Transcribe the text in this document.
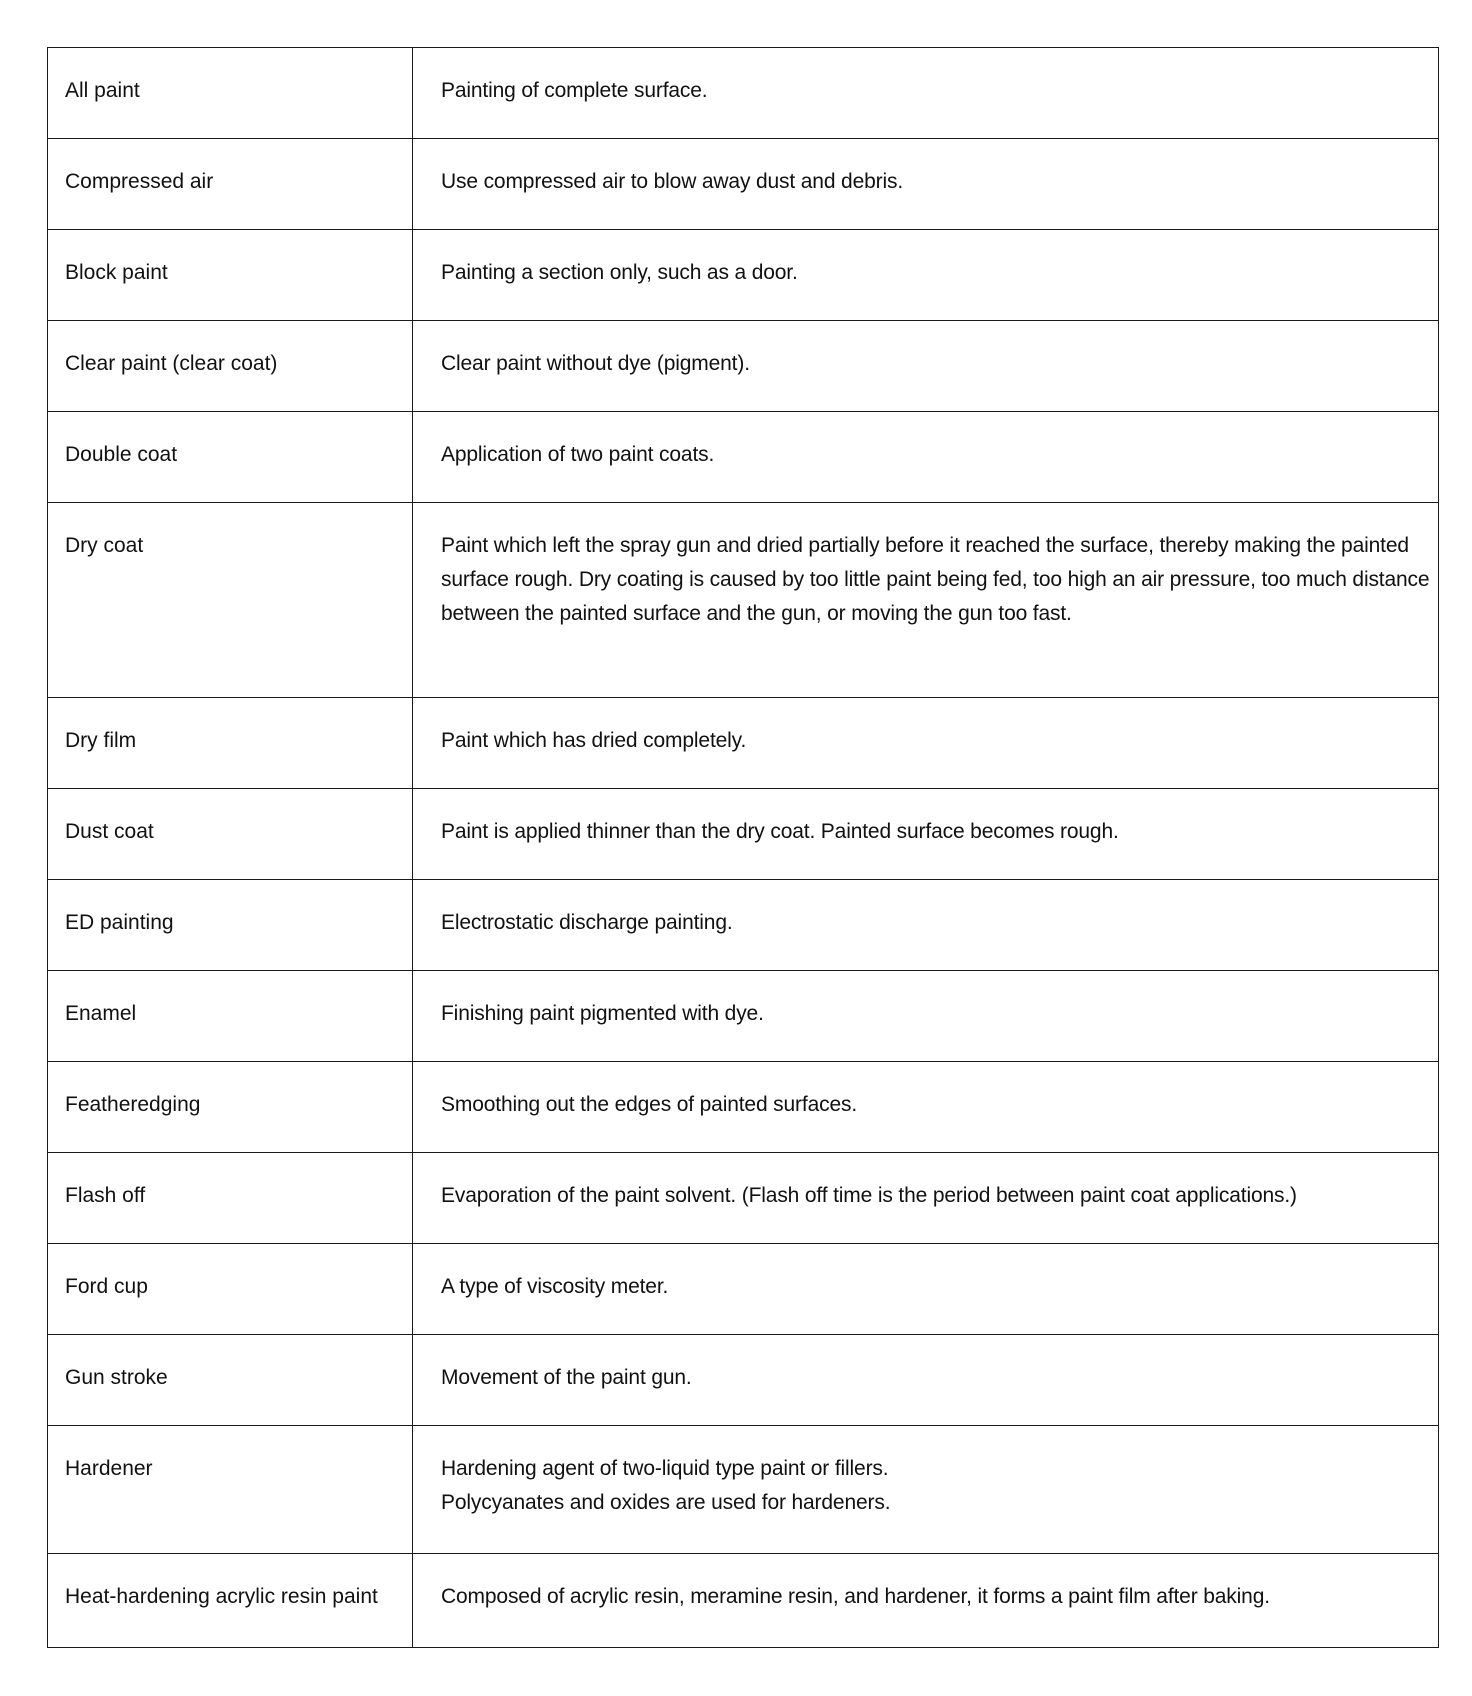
All paint	Painting of complete surface.

Compressed air	Use compressed air to blow away dust and debris.

Block paint	Painting a section only, such as a door.

Clear paint (clear coat)	Clear paint without dye (pigment).

Double coat	Application of two paint coats.

Dry coat	Paint which left the spray gun and dried partially before it reached the surface, thereby making the painted surface rough. Dry coating is caused by too little paint being fed, too high an air pressure, too much distance between the painted surface and the gun, or moving the gun too fast.

Dry film	Paint which has dried completely.

Dust coat	Paint is applied thinner than the dry coat. Painted surface becomes rough.

ED painting	Electrostatic discharge painting.

Enamel	Finishing paint pigmented with dye.

Featheredging	Smoothing out the edges of painted surfaces.

Flash off	Evaporation of the paint solvent. (Flash off time is the period between paint coat applications.)

Ford cup	A type of viscosity meter.

Gun stroke	Movement of the paint gun.

Hardener	Hardening agent of two-liquid type paint or fillers.
Polycyanates and oxides are used for hardeners.

Heat-hardening acrylic resin paint	Composed of acrylic resin, meramine resin, and hardener, it forms a paint film after baking.
